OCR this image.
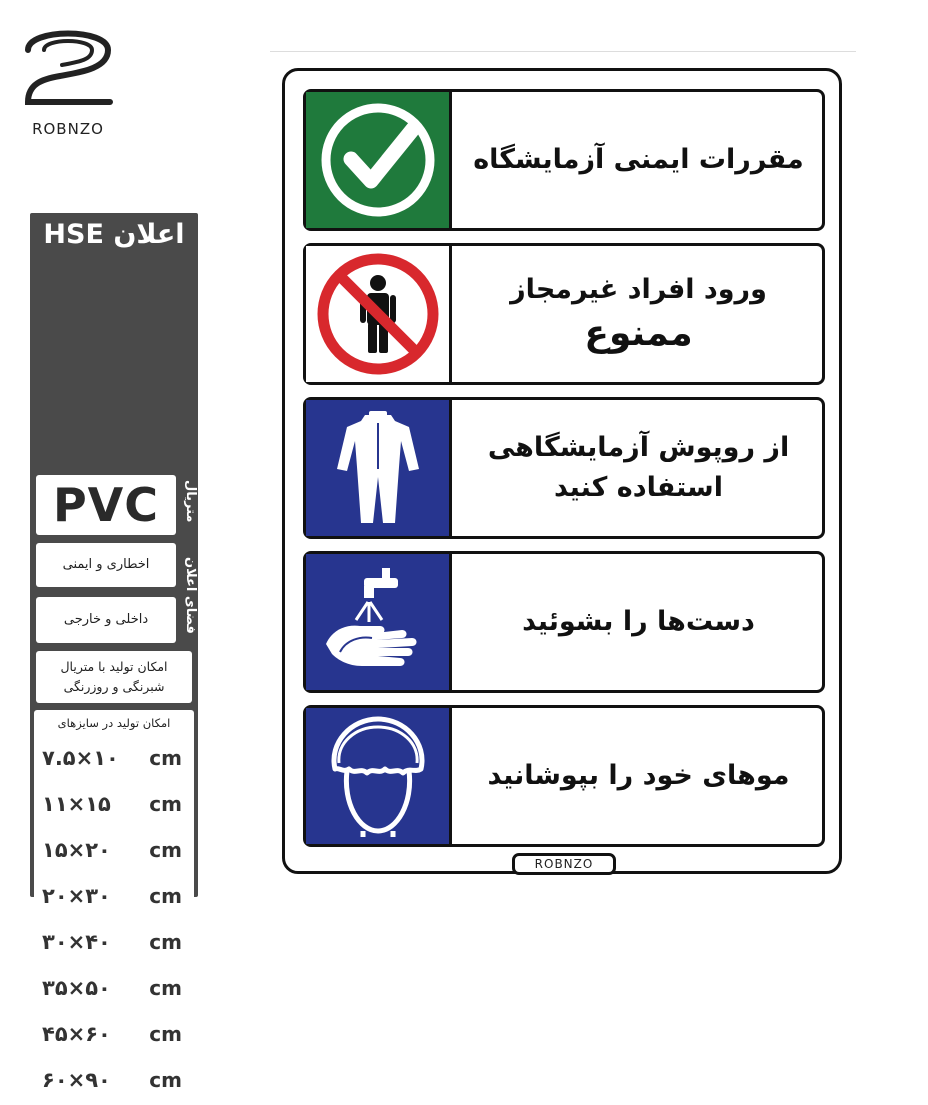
ROBNZO
اعلان HSE
PVC	متریال
اخطاری و ایمنی
داخلی و خارجی	فضای اعلان
امکان تولید با متریال
شبرنگی و روزرنگی
امکان تولید در سایزهای
۷.۵×۱۰ cm
۱۱×۱۵ cm
۱۵×۲۰ cm
۲۰×۳۰ cm
۳۰×۴۰ cm
۳۵×۵۰ cm
۴۵×۶۰ cm
۶۰×۹۰ cm
مقررات ایمنی آزمایشگاه
ورود افراد غیرمجاز
ممنوع
از روپوش آزمایشگاهی
استفاده کنید
دست‌ها را بشوئید
موهای خود را بپوشانید
ROBNZO
